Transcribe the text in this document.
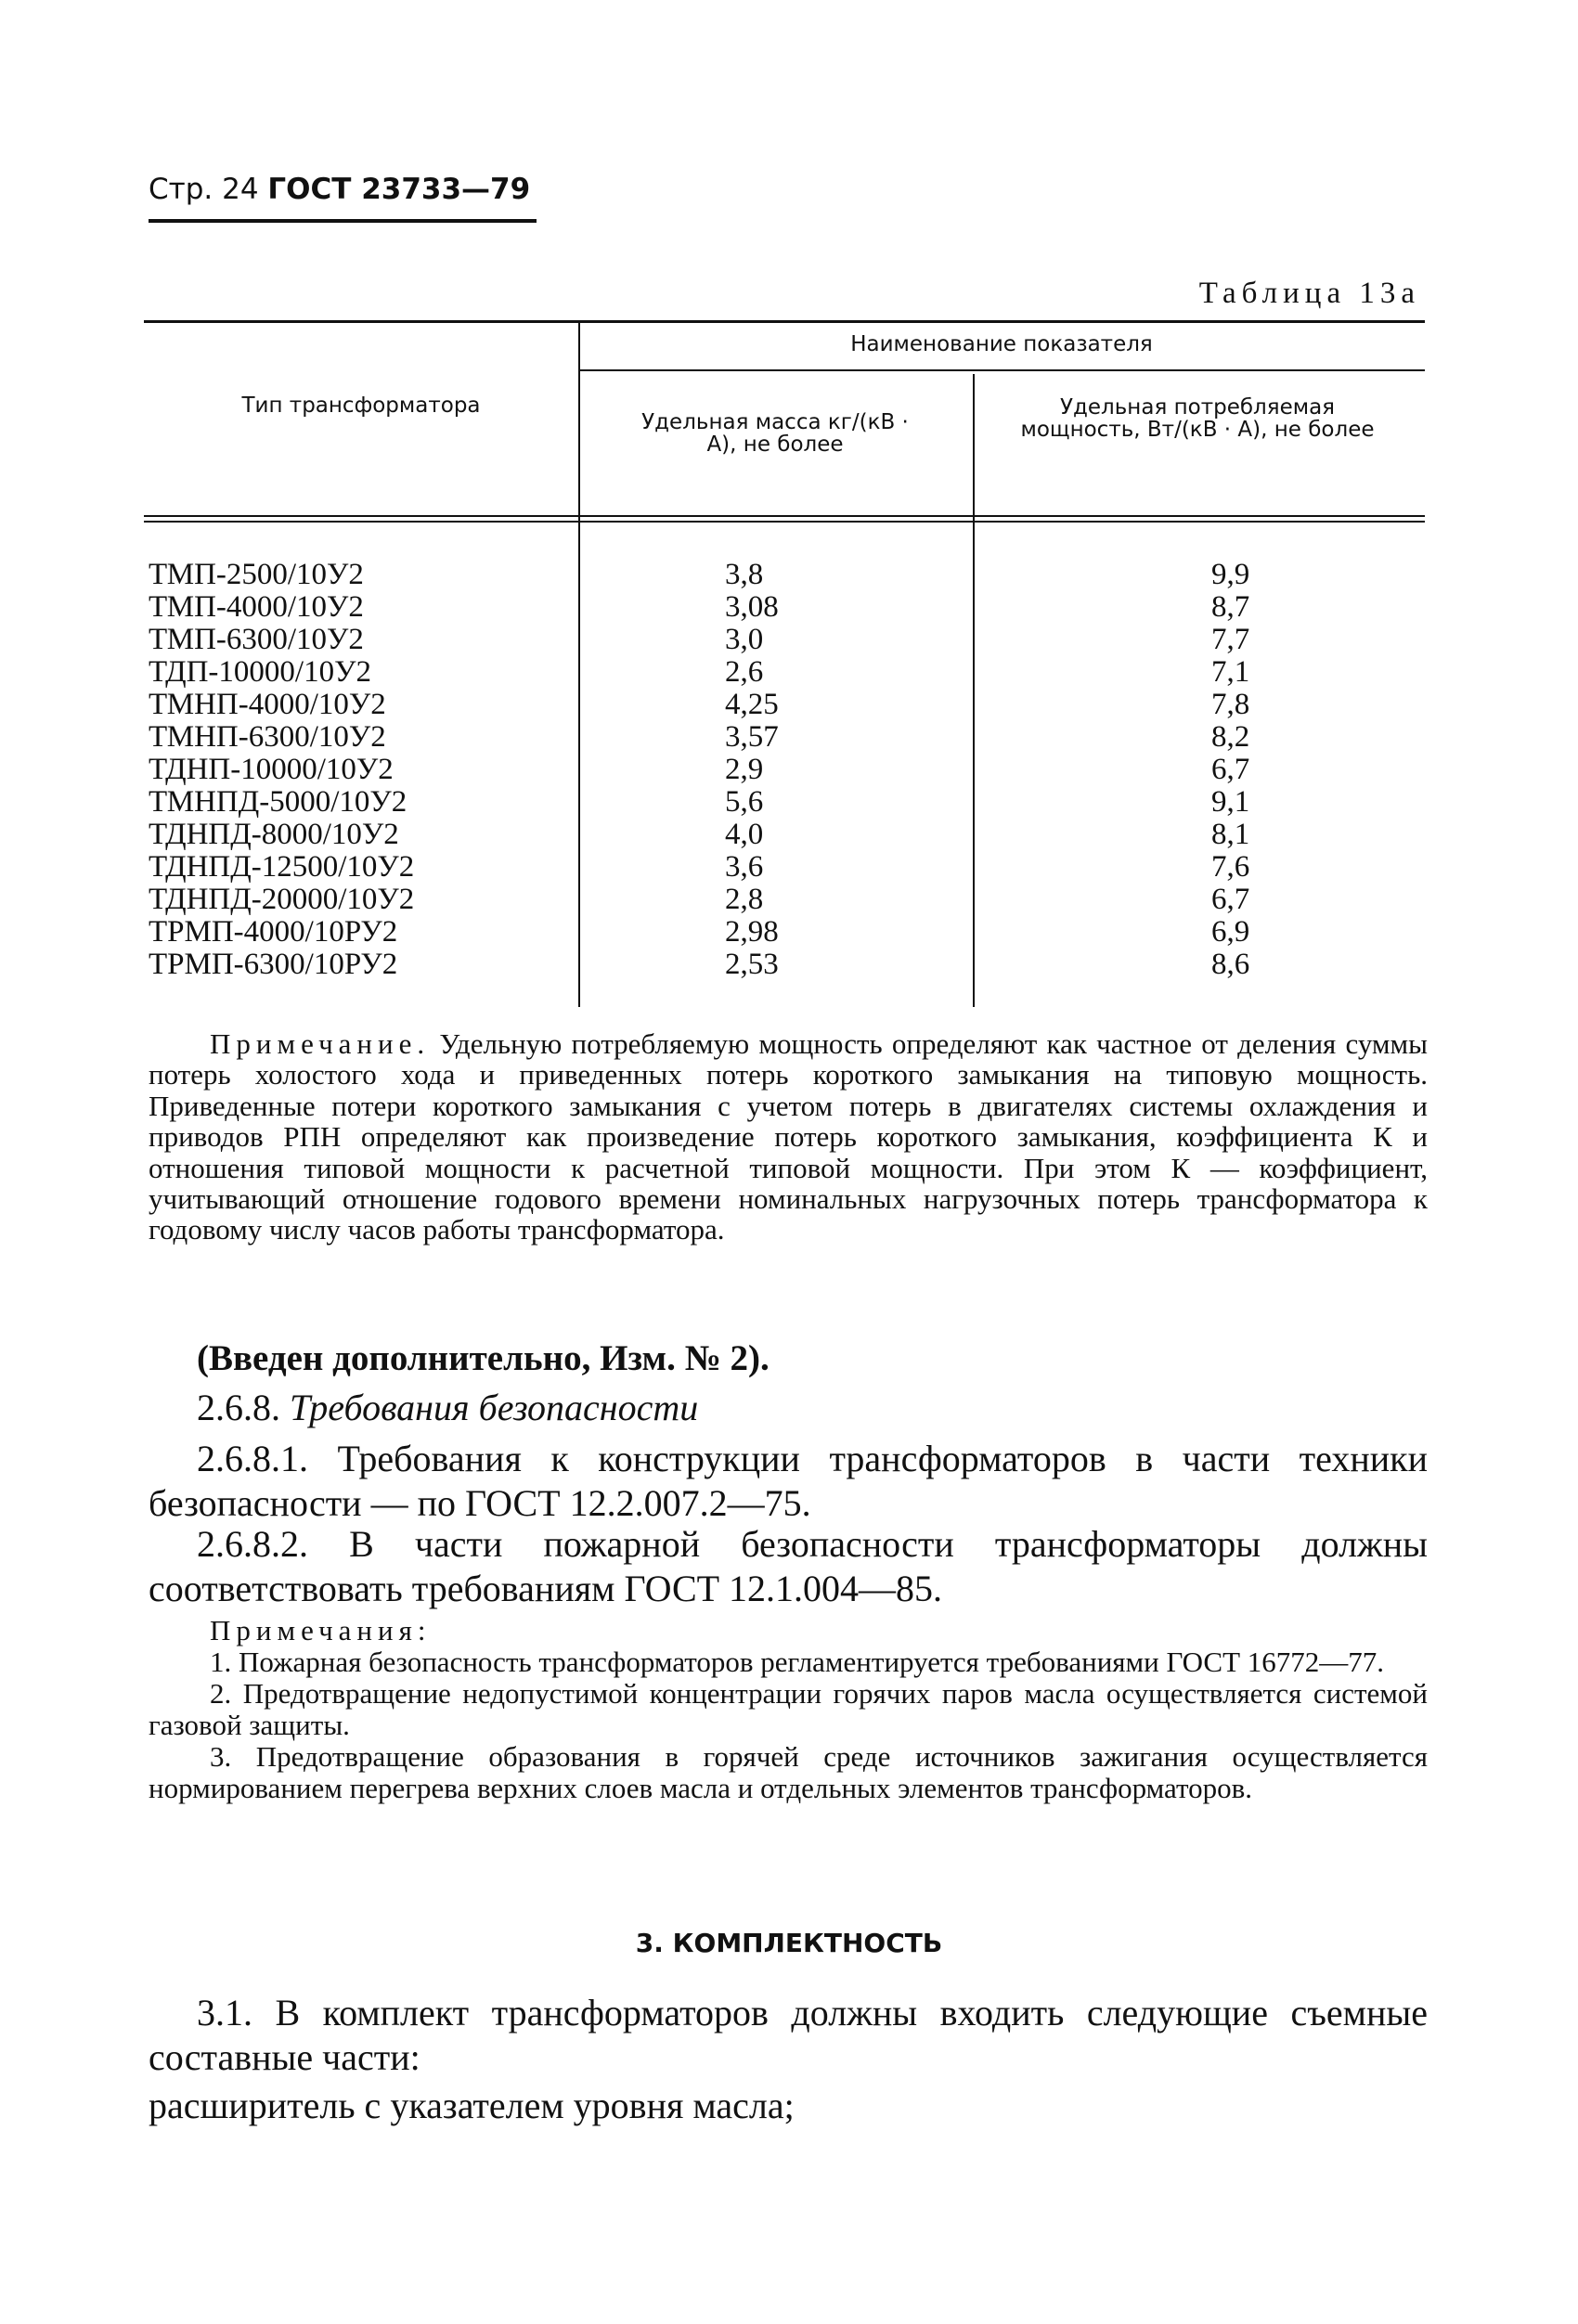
Стр. 24 ГОСТ 23733—79
Таблица 13а
Тип трансформатора
Наименование показателя
Удельная масса кг/(кВ · А), не более
Удельная потребляемая мощность, Вт/(кВ · А), не более
ТМП-2500/10У2	3,8	9,9
ТМП-4000/10У2	3,08	8,7
ТМП-6300/10У2	3,0	7,7
ТДП-10000/10У2	2,6	7,1
ТМНП-4000/10У2	4,25	7,8
ТМНП-6300/10У2	3,57	8,2
ТДНП-10000/10У2	2,9	6,7
ТМНПД-5000/10У2	5,6	9,1
ТДНПД-8000/10У2	4,0	8,1
ТДНПД-12500/10У2	3,6	7,6
ТДНПД-20000/10У2	2,8	6,7
ТРМП-4000/10РУ2	2,98	6,9
ТРМП-6300/10РУ2	2,53	8,6
Примечание. Удельную потребляемую мощность определяют как частное от деления суммы потерь холостого хода и приведенных потерь короткого замыкания на типовую мощность. Приведенные потери короткого замыкания с учетом потерь в двигателях системы охлаждения и приводов РПН определяют как произведение потерь короткого замыкания, коэффициента К и отношения типовой мощности к расчетной типовой мощности. При этом К — коэффициент, учитывающий отношение годового времени номинальных нагрузочных потерь трансформатора к годовому числу часов работы трансформатора.
(Введен дополнительно, Изм. № 2).
2.6.8. Требования безопасности
2.6.8.1. Требования к конструкции трансформаторов в части техники безопасности — по ГОСТ 12.2.007.2—75.
2.6.8.2. В части пожарной безопасности трансформаторы должны соответствовать требованиям ГОСТ 12.1.004—85.
Примечания:
1. Пожарная безопасность трансформаторов регламентируется требованиями ГОСТ 16772—77.
2. Предотвращение недопустимой концентрации горячих паров масла осуществляется системой газовой защиты.
3. Предотвращение образования в горячей среде источников зажигания осуществляется нормированием перегрева верхних слоев масла и отдельных элементов трансформаторов.
3. КОМПЛЕКТНОСТЬ
3.1. В комплект трансформаторов должны входить следующие съемные составные части:
расширитель с указателем уровня масла;
